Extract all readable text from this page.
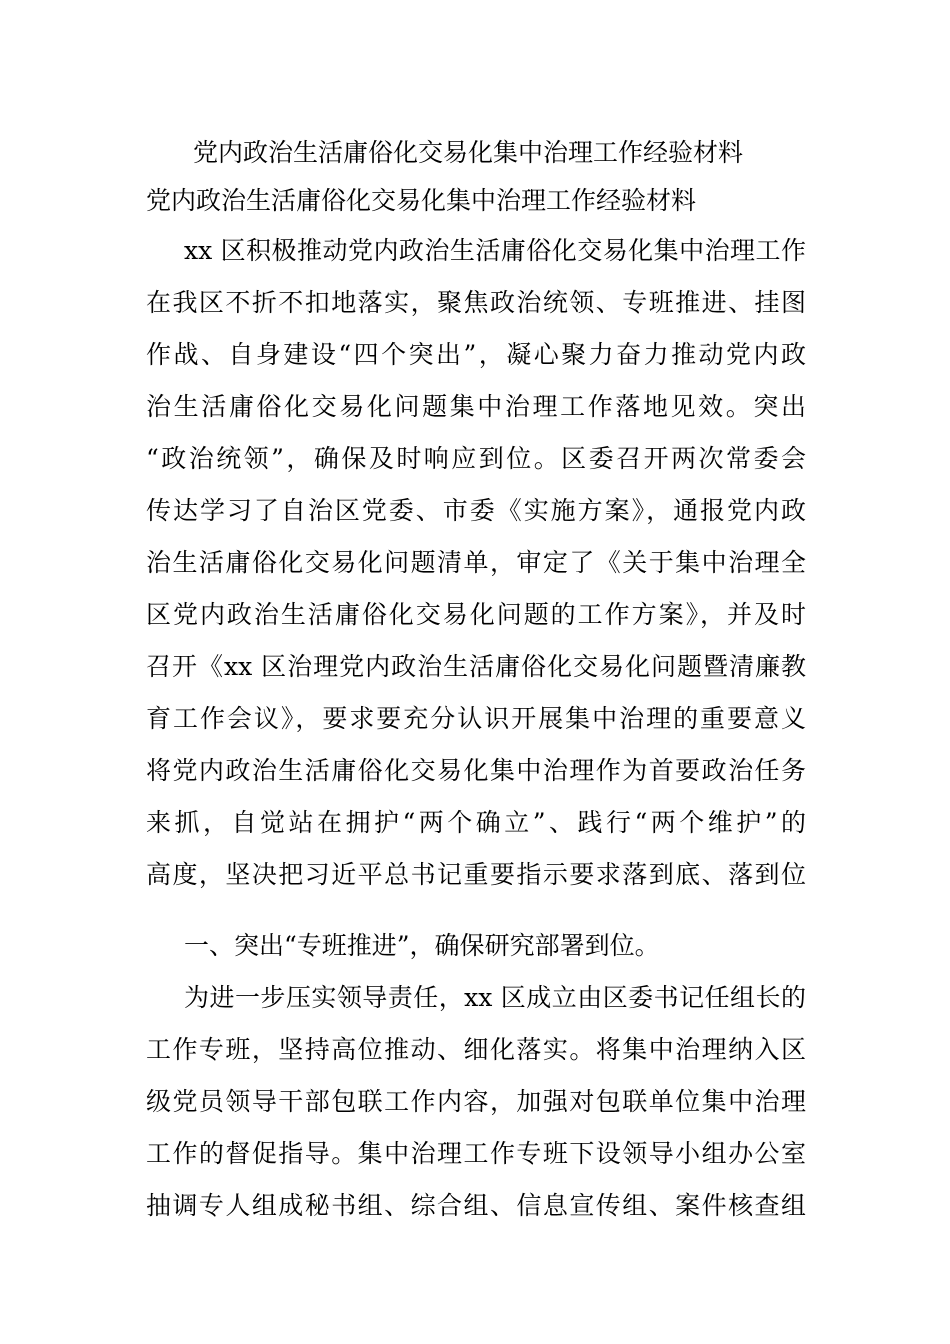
党内政治生活庸俗化交易化集中治理工作经验材料

党内政治生活庸俗化交易化集中治理工作经验材料

xx 区积极推动党内政治生活庸俗化交易化集中治理工作
在我区不折不扣地落实，聚焦政治统领、专班推进、挂图
作战、自身建设“四个突出”，凝心聚力奋力推动党内政
治生活庸俗化交易化问题集中治理工作落地见效。突出
“政治统领”，确保及时响应到位。区委召开两次常委会
传达学习了自治区党委、市委《实施方案》，通报党内政
治生活庸俗化交易化问题清单，审定了《关于集中治理全
区党内政治生活庸俗化交易化问题的工作方案》，并及时
召开《xx 区治理党内政治生活庸俗化交易化问题暨清廉教
育工作会议》，要求要充分认识开展集中治理的重要意义
将党内政治生活庸俗化交易化集中治理作为首要政治任务
来抓，自觉站在拥护“两个确立”、践行“两个维护”的
高度，坚决把习近平总书记重要指示要求落到底、落到位

一、突出“专班推进”，确保研究部署到位。

为进一步压实领导责任，xx 区成立由区委书记任组长的
工作专班，坚持高位推动、细化落实。将集中治理纳入区
级党员领导干部包联工作内容，加强对包联单位集中治理
工作的督促指导。集中治理工作专班下设领导小组办公室
抽调专人组成秘书组、综合组、信息宣传组、案件核查组
